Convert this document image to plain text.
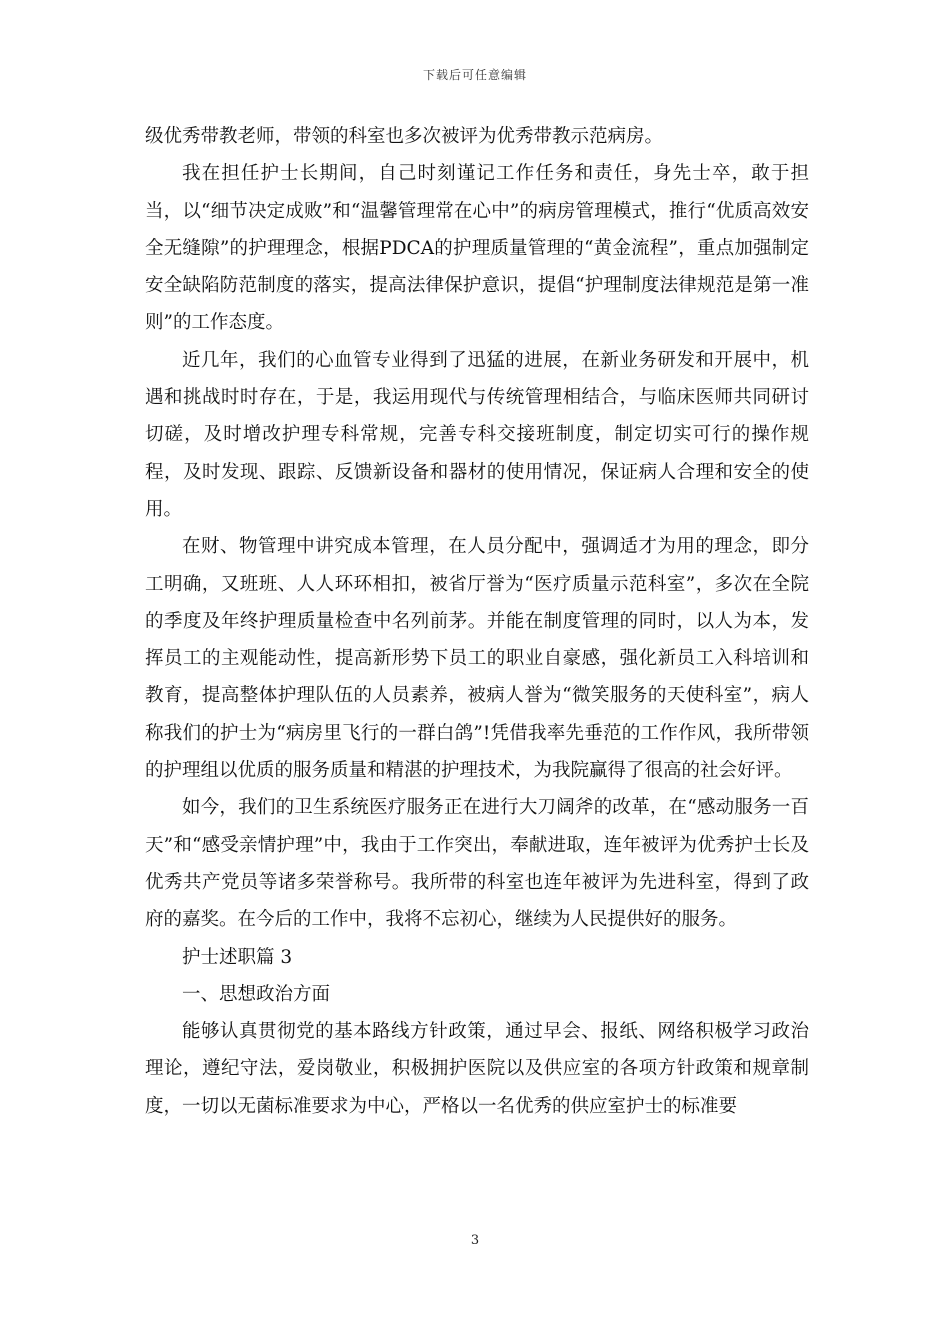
下载后可任意编辑

级优秀带教老师，带领的科室也多次被评为优秀带教示范病房。

我在担任护士长期间，自己时刻谨记工作任务和责任，身先士卒，敢于担当，以“细节决定成败”和“温馨管理常在心中”的病房管理模式，推行“优质高效安全无缝隙”的护理理念，根据PDCA的护理质量管理的“黄金流程”，重点加强制定安全缺陷防范制度的落实，提高法律保护意识，提倡“护理制度法律规范是第一准则”的工作态度。

近几年，我们的心血管专业得到了迅猛的进展，在新业务研发和开展中，机遇和挑战时时存在，于是，我运用现代与传统管理相结合，与临床医师共同研讨切磋，及时增改护理专科常规，完善专科交接班制度，制定切实可行的操作规程，及时发现、跟踪、反馈新设备和器材的使用情况，保证病人合理和安全的使用。

在财、物管理中讲究成本管理，在人员分配中，强调适才为用的理念，即分工明确，又班班、人人环环相扣，被省厅誉为“医疗质量示范科室”，多次在全院的季度及年终护理质量检查中名列前茅。并能在制度管理的同时，以人为本，发挥员工的主观能动性，提高新形势下员工的职业自豪感，强化新员工入科培训和教育，提高整体护理队伍的人员素养，被病人誉为“微笑服务的天使科室”，病人称我们的护士为“病房里飞行的一群白鸽”!凭借我率先垂范的工作作风，我所带领的护理组以优质的服务质量和精湛的护理技术，为我院赢得了很高的社会好评。

如今，我们的卫生系统医疗服务正在进行大刀阔斧的改革，在“感动服务一百天”和“感受亲情护理”中，我由于工作突出，奉献进取，连年被评为优秀护士长及优秀共产党员等诸多荣誉称号。我所带的科室也连年被评为先进科室，得到了政府的嘉奖。在今后的工作中，我将不忘初心，继续为人民提供好的服务。

护士述职篇 3

一、思想政治方面

能够认真贯彻党的基本路线方针政策，通过早会、报纸、网络积极学习政治理论，遵纪守法，爱岗敬业，积极拥护医院以及供应室的各项方针政策和规章制度，一切以无菌标准要求为中心，严格以一名优秀的供应室护士的标准要

3
